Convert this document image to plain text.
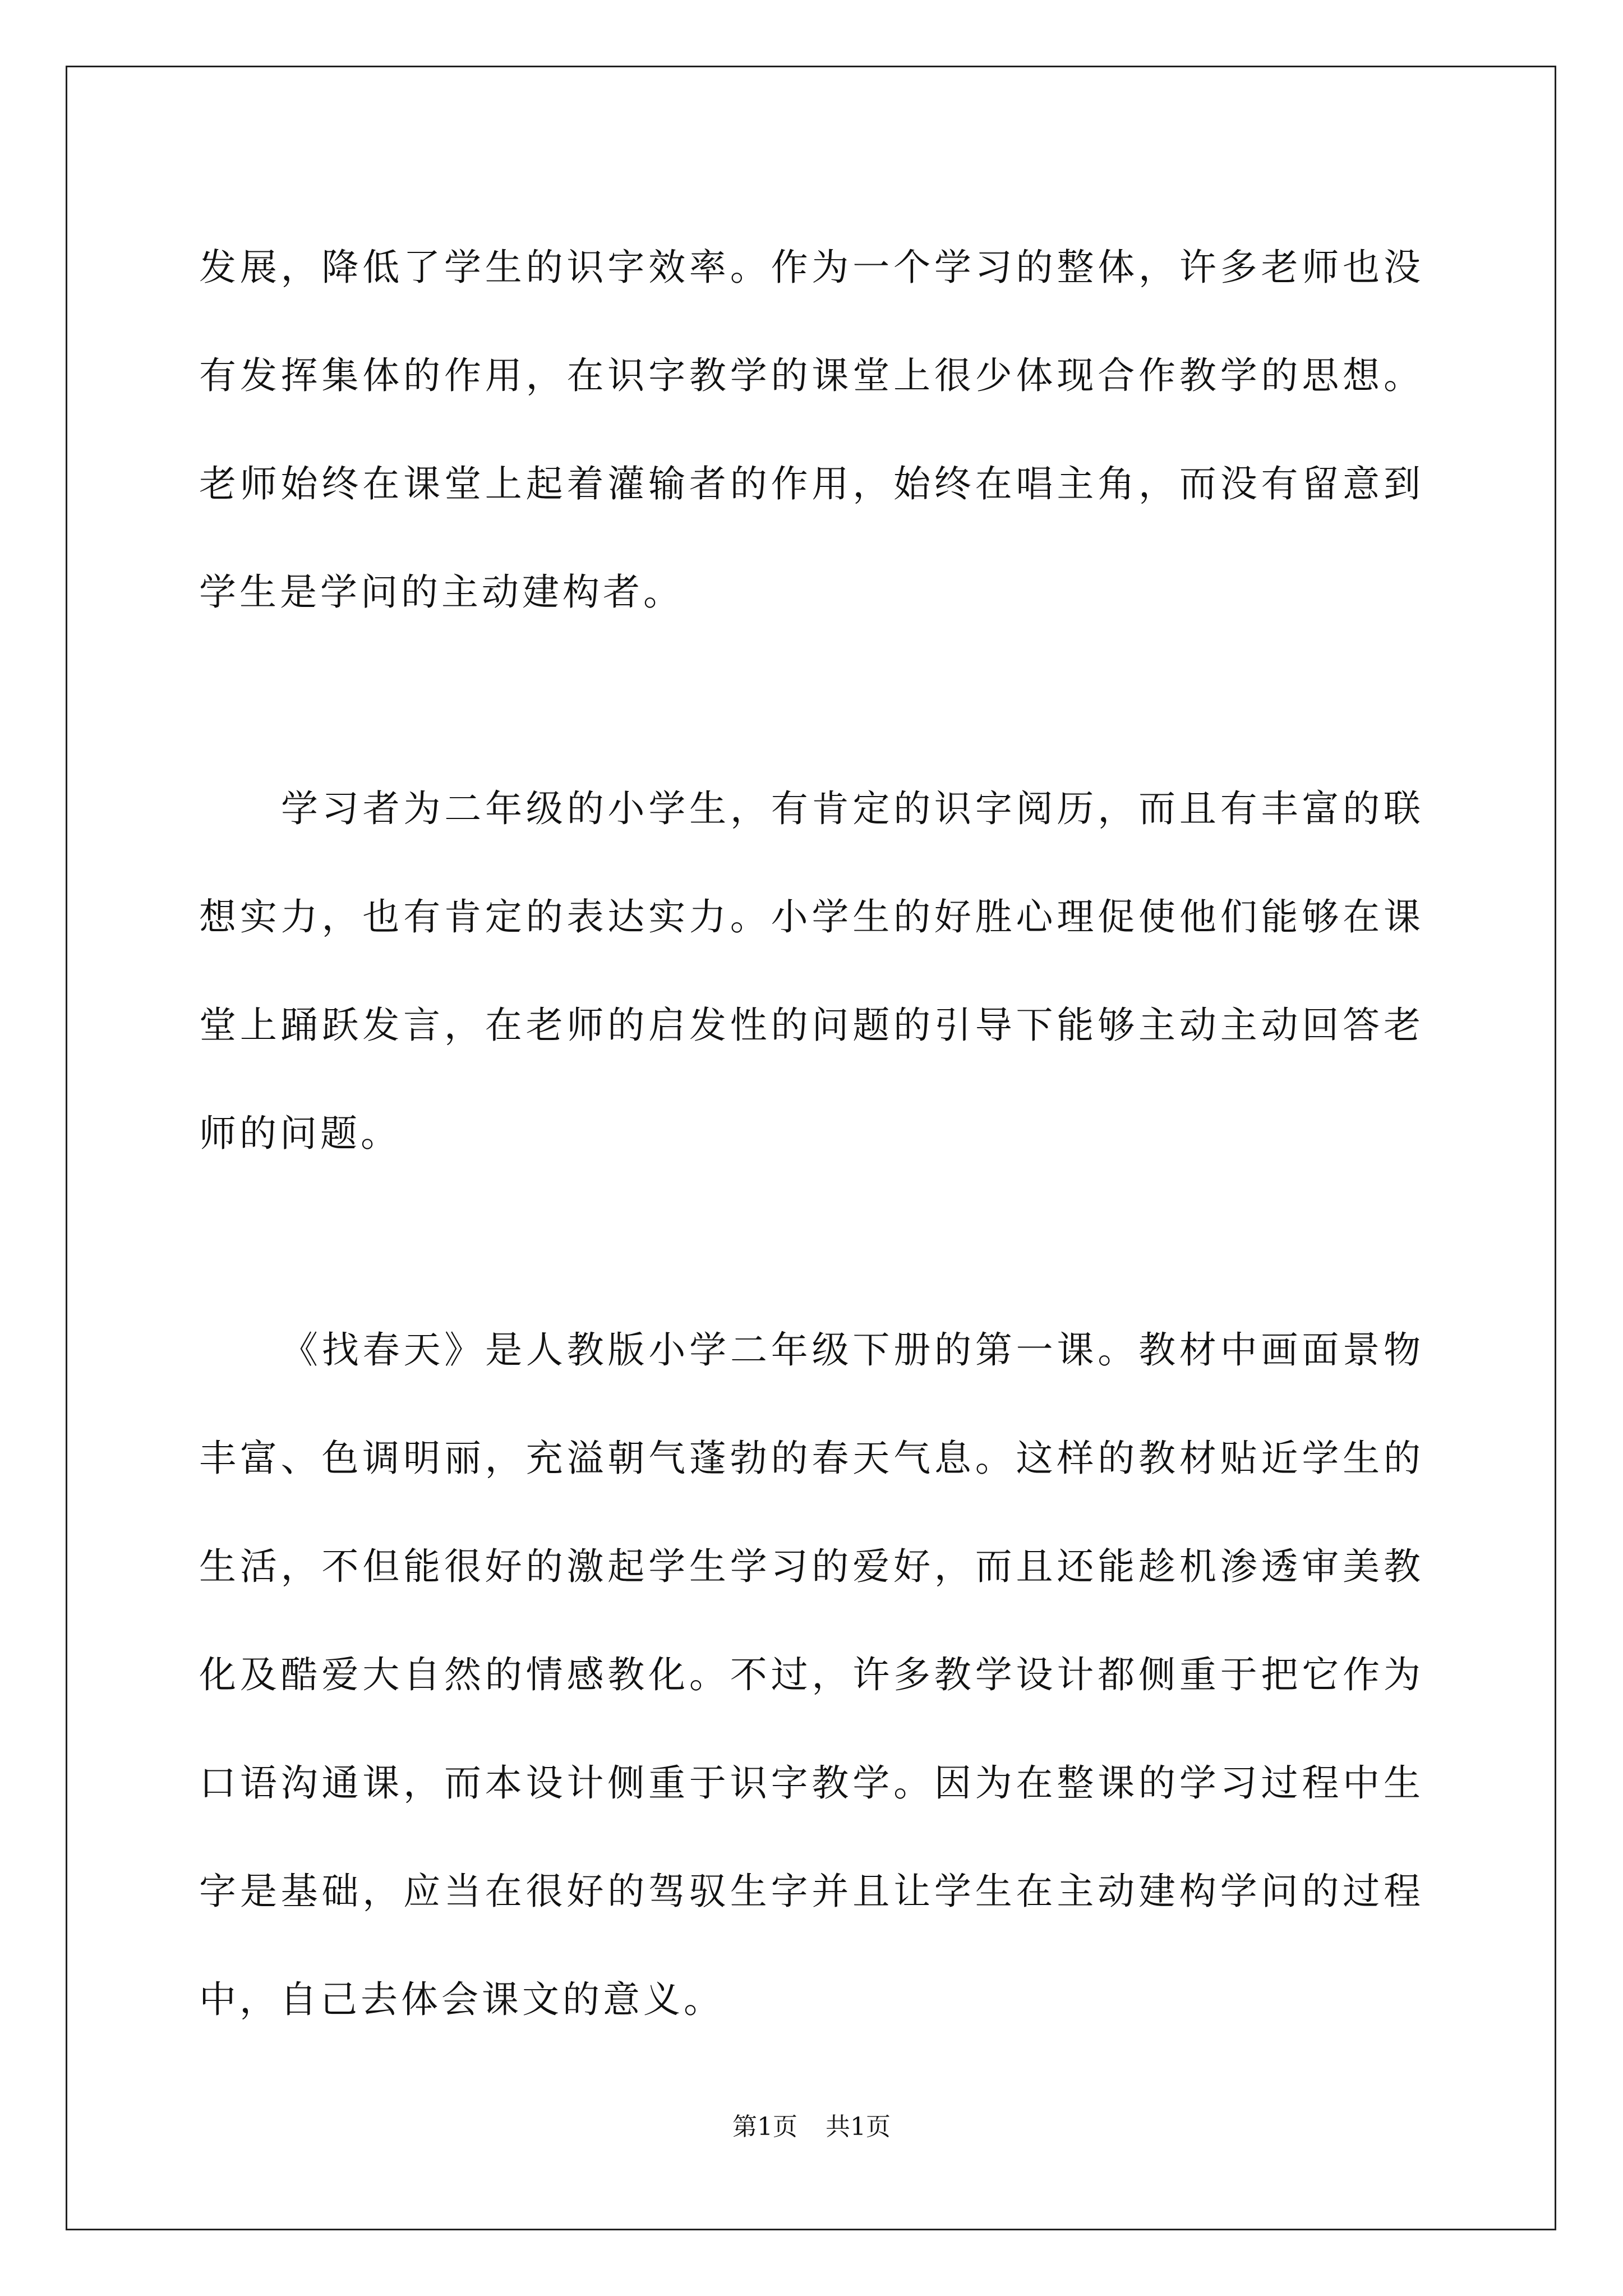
发展，降低了学生的识字效率。作为一个学习的整体，许多老师也没有发挥集体的作用，在识字教学的课堂上很少体现合作教学的思想。老师始终在课堂上起着灌输者的作用，始终在唱主角，而没有留意到学生是学问的主动建构者。

学习者为二年级的小学生，有肯定的识字阅历，而且有丰富的联想实力，也有肯定的表达实力。小学生的好胜心理促使他们能够在课堂上踊跃发言，在老师的启发性的问题的引导下能够主动主动回答老师的问题。

《找春天》是人教版小学二年级下册的第一课。教材中画面景物丰富、色调明丽，充溢朝气蓬勃的春天气息。这样的教材贴近学生的生活，不但能很好的激起学生学习的爱好，而且还能趁机渗透审美教化及酷爱大自然的情感教化。不过，许多教学设计都侧重于把它作为口语沟通课，而本设计侧重于识字教学。因为在整课的学习过程中生字是基础，应当在很好的驾驭生字并且让学生在主动建构学问的过程中，自己去体会课文的意义。

第1页 共1页
